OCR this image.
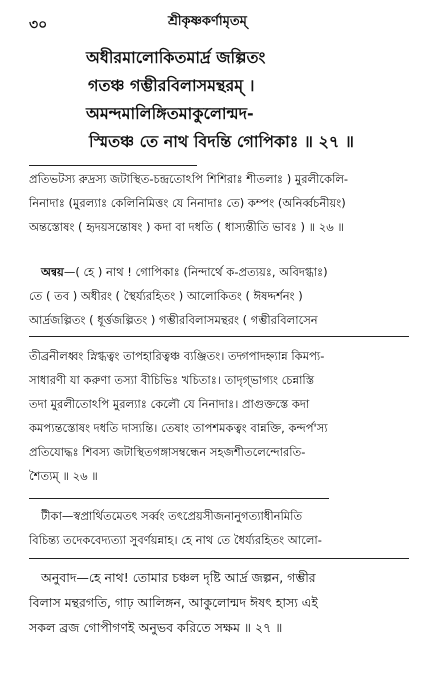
৩০	শ্রীকৃষ্ণকর্ণামৃতম্
অধীরমালোকিতমার্দ্র জল্পিতং
গতঞ্চ গম্ভীরবিলাসমন্থরম্ ।
অমন্দমালিঙ্গিতমাকুলোন্মদ-
স্মিতঞ্চ তে নাথ বিদন্তি গোপিকাঃ ॥ ২৭ ॥
প্রতিভটস্য রুদ্রস্য জটাস্থিত-চন্দ্রতোঽপি শিশিরাঃ শীতলাঃ ) মুরলীকেলি-
নিনাদাঃ (মুরল্যাঃ কেলিনিমিত্তং যে নিনাদাঃ তে) কম্পং (অনির্ব্বচনীয়ং)
অন্তস্তোষং ( হৃদয়সন্তোষং ) কদা বা দধতি ( ধাস্যন্তীতি ভাবঃ ) ॥ ২৬ ॥
অন্বয়—( হে ) নাথ ! গোপিকাঃ (নিন্দার্থে ক-প্রত্যয়ঃ, অবিদগ্ধাঃ)
তে ( তব ) অধীরং ( স্থৈর্য্যরহিতং ) আলোকিতং ( ঈষদ্দর্শনং )
আর্দ্রজল্পিতং ( ধূর্ত্তজল্পিতং ) গম্ভীরবিলাসমন্থরং ( গম্ভীরবিলাসেন
তীব্রনীলধ্বং স্নিগ্ধত্বং তাপহারিত্বঞ্চ ব্যঞ্জিতং। তদ্গপাদহ্ন্যান্ন কিমপ্য-
সাধারণী যা করুণা তস্যা বীচিভিঃ খচিতাঃ। তাদৃগ্‌ভাগ্যং চেন্নাস্তি
তদা মুরলীতোঽপি মুরল্যাঃ কেলৌ যে নিনাদাঃ। প্রাগুক্তস্তে কদা
কমপ্যন্তস্তোষং দধতি দাস্যন্তি। তেষাং তাপশমকত্বং বান্নক্তি, কন্দর্প'স্য
প্রতিযোদ্ধঃ শিবস্য জটাস্থিতগঙ্গাসম্বন্ধেন সহজশীতলেন্দোরতি-
শৈত্যম্ ॥ ২৬ ॥
টীকা—স্বপ্রার্থিতমেতৎ সর্ব্বং তৎপ্রেয়সীজনানুগত্যাধীনমিতি
বিচিন্ত্য তদেকবেদ্যত্যা সুবর্ণয়ন্নাহ। হে নাথ তে ধৈর্য্যরহিতং আলো-
অনুবাদ—হে নাথ! তোমার চঞ্চল দৃষ্টি আর্দ্র জল্পন, গম্ভীর
বিলাস মন্থরগতি, গাঢ় আলিঙ্গন, আকুলোন্মদ ঈষৎ হাস্য এই
সকল ব্রজ গোপীগণই অনুভব করিতে সক্ষম ॥ ২৭ ॥
